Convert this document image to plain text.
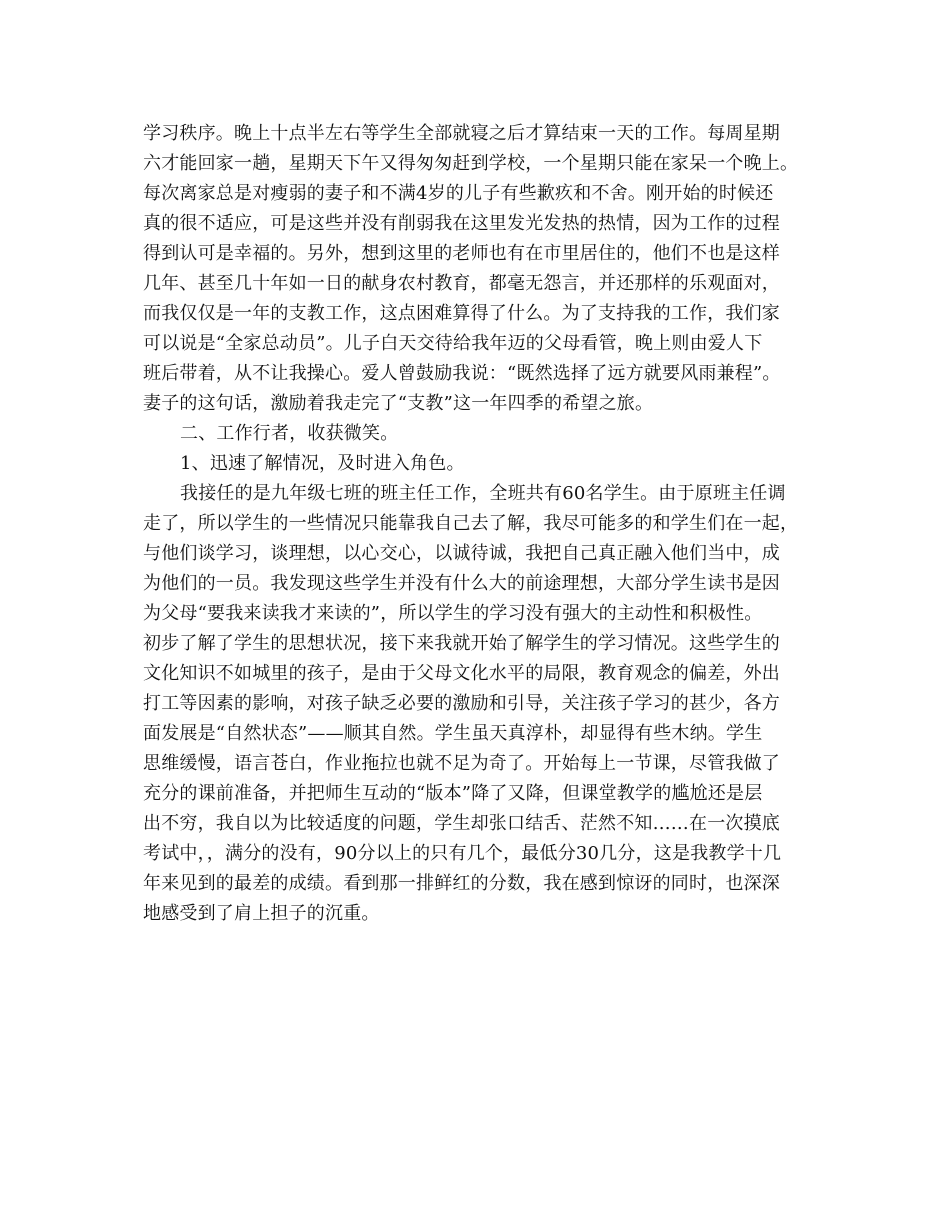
学习秩序。晚上十点半左右等学生全部就寝之后才算结束一天的工作。每周星期
六才能回家一趟，星期天下午又得匆匆赶到学校，一个星期只能在家呆一个晚上。
每次离家总是对瘦弱的妻子和不满4岁的儿子有些歉疚和不舍。刚开始的时候还
真的很不适应，可是这些并没有削弱我在这里发光发热的热情，因为工作的过程
得到认可是幸福的。另外，想到这里的老师也有在市里居住的，他们不也是这样
几年、甚至几十年如一日的献身农村教育，都毫无怨言，并还那样的乐观面对，
而我仅仅是一年的支教工作，这点困难算得了什么。为了支持我的工作，我们家
可以说是“全家总动员”。儿子白天交待给我年迈的父母看管，晚上则由爱人下
班后带着，从不让我操心。爱人曾鼓励我说：“既然选择了远方就要风雨兼程”。
妻子的这句话，激励着我走完了“支教”这一年四季的希望之旅。
二、工作行者，收获微笑。
1、迅速了解情况，及时进入角色。
我接任的是九年级七班的班主任工作，全班共有60名学生。由于原班主任调
走了，所以学生的一些情况只能靠我自己去了解，我尽可能多的和学生们在一起，
与他们谈学习，谈理想，以心交心，以诚待诚，我把自己真正融入他们当中，成
为他们的一员。我发现这些学生并没有什么大的前途理想，大部分学生读书是因
为父母“要我来读我才来读的”，所以学生的学习没有强大的主动性和积极性。
初步了解了学生的思想状况，接下来我就开始了解学生的学习情况。这些学生的
文化知识不如城里的孩子，是由于父母文化水平的局限，教育观念的偏差，外出
打工等因素的影响，对孩子缺乏必要的激励和引导，关注孩子学习的甚少，各方
面发展是“自然状态”——顺其自然。学生虽天真淳朴，却显得有些木纳。学生
思维缓慢，语言苍白，作业拖拉也就不足为奇了。开始每上一节课，尽管我做了
充分的课前准备，并把师生互动的“版本”降了又降，但课堂教学的尴尬还是层
出不穷，我自以为比较适度的问题，学生却张口结舌、茫然不知……在一次摸底
考试中，，满分的没有，90分以上的只有几个，最低分30几分，这是我教学十几
年来见到的最差的成绩。看到那一排鲜红的分数，我在感到惊讶的同时，也深深
地感受到了肩上担子的沉重。
